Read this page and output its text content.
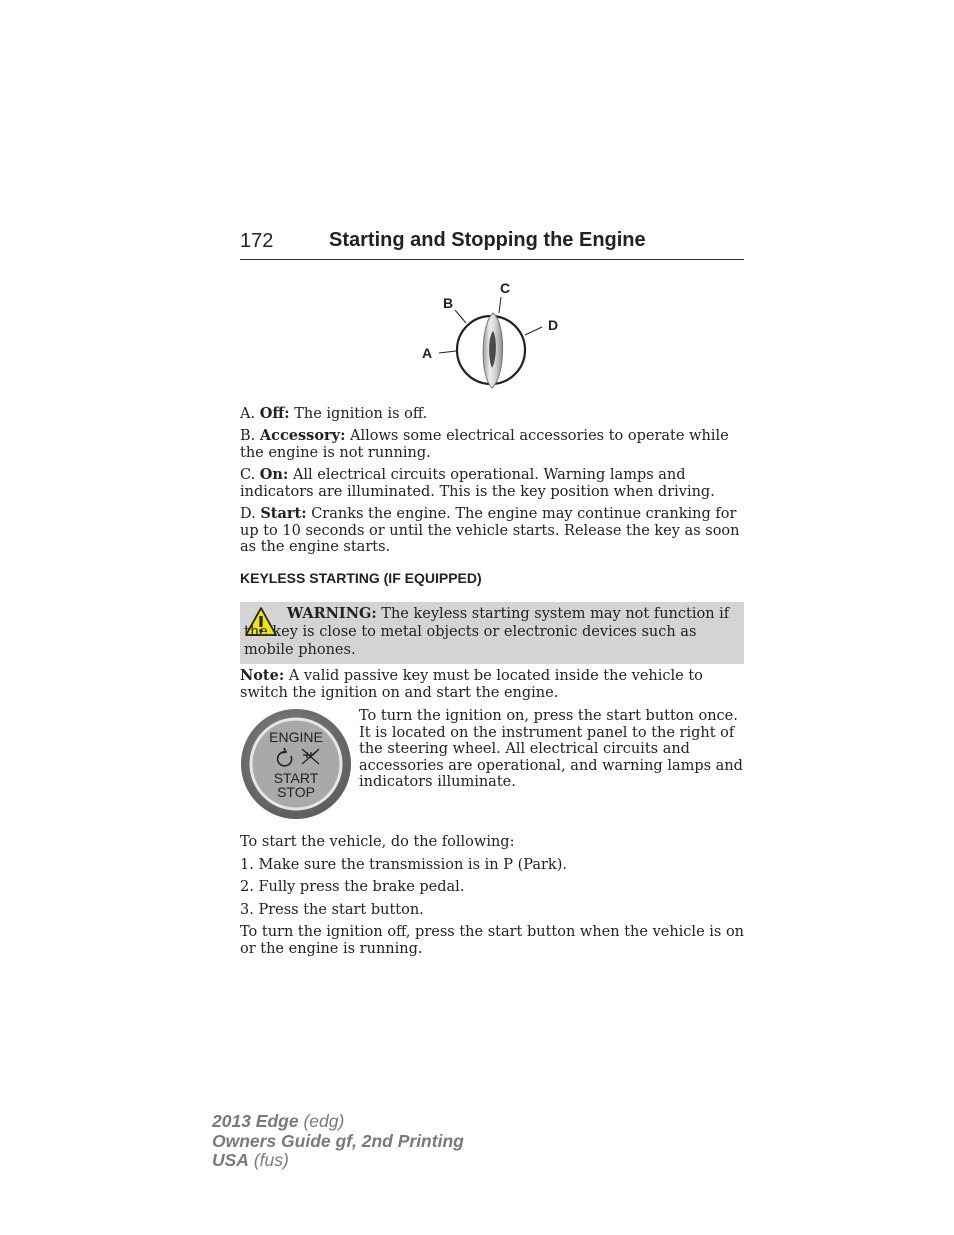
172	Starting and Stopping the Engine
A
B
C
D

A. Off: The ignition is off.

B. Accessory: Allows some electrical accessories to operate while the engine is not running.

C. On: All electrical circuits operational. Warning lamps and indicators are illuminated. This is the key position when driving.

D. Start: Cranks the engine. The engine may continue cranking for up to 10 seconds or until the vehicle starts. Release the key as soon as the engine starts.

KEYLESS STARTING (IF EQUIPPED)

WARNING: The keyless starting system may not function if the key is close to metal objects or electronic devices such as mobile phones.

Note: A valid passive key must be located inside the vehicle to switch the ignition on and start the engine.

ENGINE
START
STOP

To turn the ignition on, press the start button once. It is located on the instrument panel to the right of the steering wheel. All electrical circuits and accessories are operational, and warning lamps and indicators illuminate.

To start the vehicle, do the following:

1. Make sure the transmission is in P (Park).

2. Fully press the brake pedal.

3. Press the start button.

To turn the ignition off, press the start button when the vehicle is on or the engine is running.

2013 Edge (edg)
Owners Guide gf, 2nd Printing
USA (fus)
